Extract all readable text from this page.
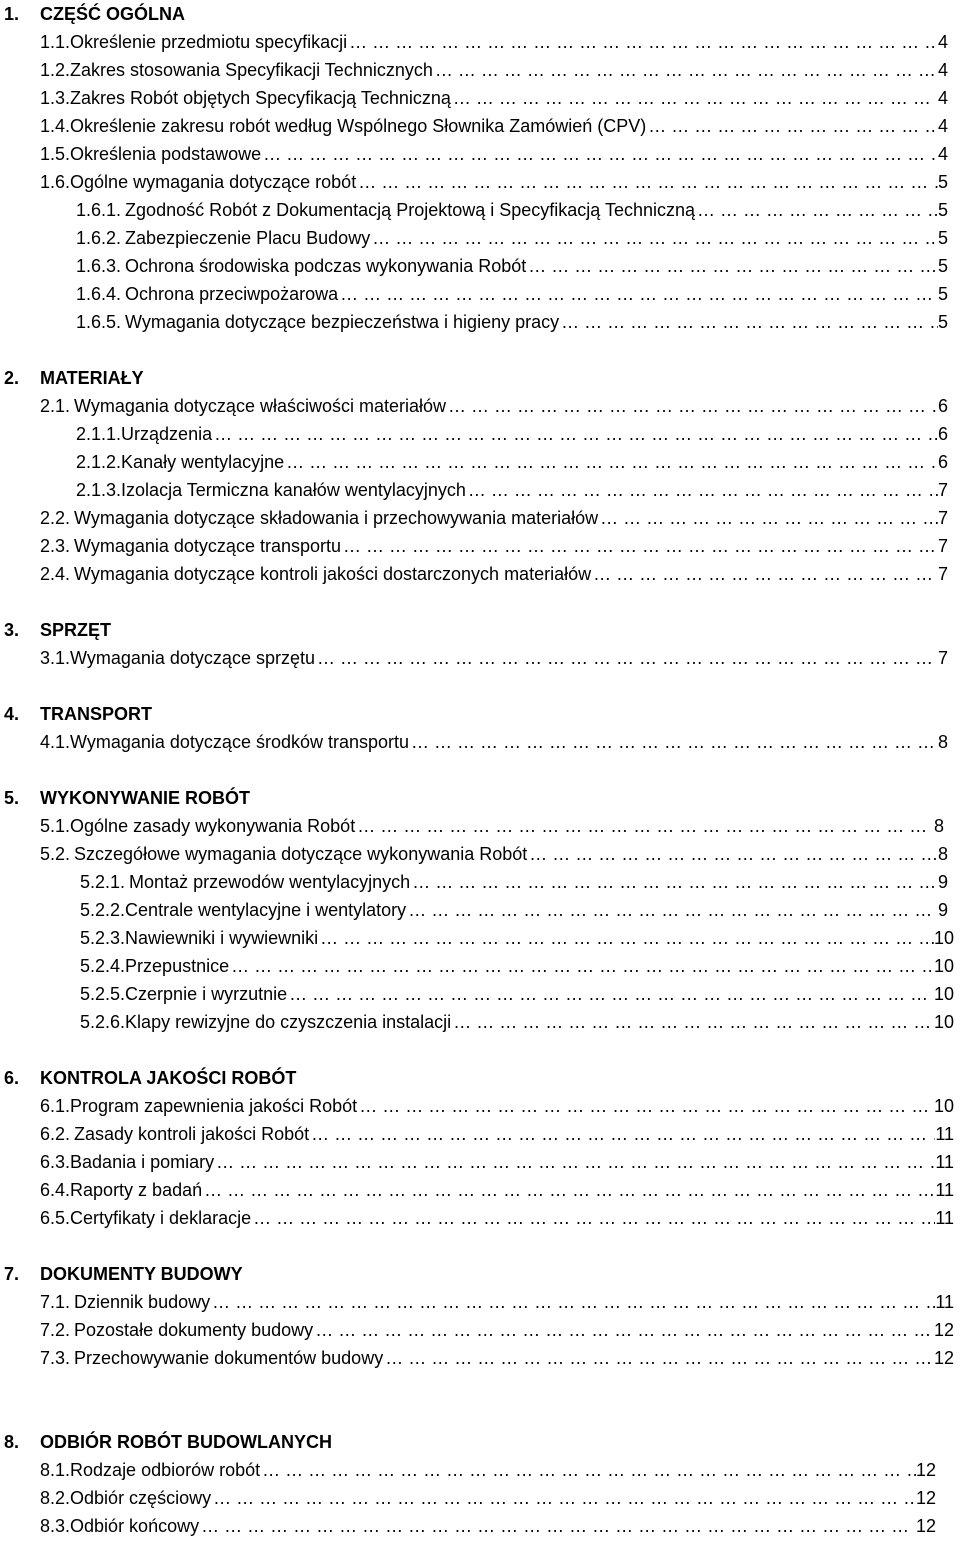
1. CZĘŚĆ OGÓLNA
1.1. Określenie przedmiotu specyfikacji … … … … … … … … … … … … … … … … … … … … … … … … … … … … … … … … … … … … … … … … … … … … … … … … … … … … … … … … … … … … … …	4
1.2. Zakres stosowania Specyfikacji Technicznych … … … … … … … … … … … … … … … … … … … … … … … … … … … … … … … … … … … … … … … … … … … … … … … … … … … … … … … … … … … … … …	4
1.3. Zakres Robót objętych Specyfikacją Techniczną … … … … … … … … … … … … … … … … … … … … … … … … … … … … … … … … … … … … … … … … … … … … … … … … … … … … … … … … … … … … … …	4
1.4. Określenie zakresu robót według Wspólnego Słownika Zamówień (CPV) … … … … … … … … … … … … … … … … … … … … … … … … … … … … … … … … … … … … … … … … … … … … … … … … … … … … … … … … … … … … … …	4
1.5. Określenia podstawowe … … … … … … … … … … … … … … … … … … … … … … … … … … … … … … … … … … … … … … … … … … … … … … … … … … … … … … … … … … … … … …	4
1.6. Ogólne wymagania dotyczące robót … … … … … … … … … … … … … … … … … … … … … … … … … … … … … … … … … … … … … … … … … … … … … … … … … … … … … … … … … … … … … …	5
1.6.1. Zgodność Robót z Dokumentacją Projektową i Specyfikacją Techniczną … … … … … … … … … … … … … … … … … … … … … … … … … … … … … … … … … … … … … … … … … … … … … … … … … … … … … … … … … … … … … …	5
1.6.2. Zabezpieczenie Placu Budowy … … … … … … … … … … … … … … … … … … … … … … … … … … … … … … … … … … … … … … … … … … … … … … … … … … … … … … … … … … … … … …	5
1.6.3. Ochrona środowiska podczas wykonywania Robót … … … … … … … … … … … … … … … … … … … … … … … … … … … … … … … … … … … … … … … … … … … … … … … … … … … … … … … … … … … … … …	5
1.6.4. Ochrona przeciwpożarowa … … … … … … … … … … … … … … … … … … … … … … … … … … … … … … … … … … … … … … … … … … … … … … … … … … … … … … … … … … … … … …	5
1.6.5. Wymagania dotyczące bezpieczeństwa i higieny pracy … … … … … … … … … … … … … … … … … … … … … … … … … … … … … … … … … … … … … … … … … … … … … … … … … … … … … … … … … … … … … …	5
2. MATERIAŁY
2.1. Wymagania dotyczące właściwości materiałów … … … … … … … … … … … … … … … … … … … … … … … … … … … … … … … … … … … … … … … … … … … … … … … … … … … … … … … … … … … … … …	6
2.1.1. Urządzenia … … … … … … … … … … … … … … … … … … … … … … … … … … … … … … … … … … … … … … … … … … … … … … … … … … … … … … … … … … … … … …	6
2.1.2. Kanały wentylacyjne … … … … … … … … … … … … … … … … … … … … … … … … … … … … … … … … … … … … … … … … … … … … … … … … … … … … … … … … … … … … … …	6
2.1.3. Izolacja Termiczna kanałów wentylacyjnych … … … … … … … … … … … … … … … … … … … … … … … … … … … … … … … … … … … … … … … … … … … … … … … … … … … … … … … … … … … … … …	7
2.2. Wymagania dotyczące składowania i przechowywania materiałów … … … … … … … … … … … … … … … … … … … … … … … … … … … … … … … … … … … … … … … … … … … … … … … … … … … … … … … … … … … … … …	7
2.3. Wymagania dotyczące transportu … … … … … … … … … … … … … … … … … … … … … … … … … … … … … … … … … … … … … … … … … … … … … … … … … … … … … … … … … … … … … …	7
2.4. Wymagania dotyczące kontroli jakości dostarczonych materiałów … … … … … … … … … … … … … … … … … … … … … … … … … … … … … … … … … … … … … … … … … … … … … … … … … … … … … … … … … … … … … …	7
3. SPRZĘT
3.1. Wymagania dotyczące sprzętu … … … … … … … … … … … … … … … … … … … … … … … … … … … … … … … … … … … … … … … … … … … … … … … … … … … … … … … … … … … … … …	7
4. TRANSPORT
4.1. Wymagania dotyczące środków transportu … … … … … … … … … … … … … … … … … … … … … … … … … … … … … … … … … … … … … … … … … … … … … … … … … … … … … … … … … … … … … …	8
5. WYKONYWANIE ROBÓT
5.1. Ogólne zasady wykonywania Robót … … … … … … … … … … … … … … … … … … … … … … … … … … … … … … … … … … … … … … … … … … … … … … … … … … … … … … … … … … … … … …	8
5.2. Szczegółowe wymagania dotyczące wykonywania Robót … … … … … … … … … … … … … … … … … … … … … … … … … … … … … … … … … … … … … … … … … … … … … … … … … … … … … … … … … … … … … …	8
5.2.1. Montaż przewodów wentylacyjnych … … … … … … … … … … … … … … … … … … … … … … … … … … … … … … … … … … … … … … … … … … … … … … … … … … … … … … … … … … … … … …	9
5.2.2. Centrale wentylacyjne i wentylatory … … … … … … … … … … … … … … … … … … … … … … … … … … … … … … … … … … … … … … … … … … … … … … … … … … … … … … … … … … … … … …	9
5.2.3. Nawiewniki i wywiewniki … … … … … … … … … … … … … … … … … … … … … … … … … … … … … … … … … … … … … … … … … … … … … … … … … … … … … … … … … … … … … …	10
5.2.4. Przepustnice … … … … … … … … … … … … … … … … … … … … … … … … … … … … … … … … … … … … … … … … … … … … … … … … … … … … … … … … … … … … … …	10
5.2.5. Czerpnie i wyrzutnie … … … … … … … … … … … … … … … … … … … … … … … … … … … … … … … … … … … … … … … … … … … … … … … … … … … … … … … … … … … … … …	10
5.2.6. Klapy rewizyjne do czyszczenia instalacji … … … … … … … … … … … … … … … … … … … … … … … … … … … … … … … … … … … … … … … … … … … … … … … … … … … … … … … … … … … … … …	10
6. KONTROLA JAKOŚCI ROBÓT
6.1. Program zapewnienia jakości Robót … … … … … … … … … … … … … … … … … … … … … … … … … … … … … … … … … … … … … … … … … … … … … … … … … … … … … … … … … … … … … …	10
6.2. Zasady kontroli jakości Robót … … … … … … … … … … … … … … … … … … … … … … … … … … … … … … … … … … … … … … … … … … … … … … … … … … … … … … … … … … … … … …	11
6.3. Badania i pomiary … … … … … … … … … … … … … … … … … … … … … … … … … … … … … … … … … … … … … … … … … … … … … … … … … … … … … … … … … … … … … …	11
6.4. Raporty z badań … … … … … … … … … … … … … … … … … … … … … … … … … … … … … … … … … … … … … … … … … … … … … … … … … … … … … … … … … … … … … …	11
6.5. Certyfikaty i deklaracje … … … … … … … … … … … … … … … … … … … … … … … … … … … … … … … … … … … … … … … … … … … … … … … … … … … … … … … … … … … … … …	11
7. DOKUMENTY BUDOWY
7.1. Dziennik budowy … … … … … … … … … … … … … … … … … … … … … … … … … … … … … … … … … … … … … … … … … … … … … … … … … … … … … … … … … … … … … …	11
7.2. Pozostałe dokumenty budowy … … … … … … … … … … … … … … … … … … … … … … … … … … … … … … … … … … … … … … … … … … … … … … … … … … … … … … … … … … … … … …	12
7.3. Przechowywanie dokumentów budowy … … … … … … … … … … … … … … … … … … … … … … … … … … … … … … … … … … … … … … … … … … … … … … … … … … … … … … … … … … … … … …	12
8. ODBIÓR ROBÓT BUDOWLANYCH
8.1. Rodzaje odbiorów robót … … … … … … … … … … … … … … … … … … … … … … … … … … … … … … … … … … … … … … … … … … … … … … … … … … … … … … … … … … … … … …	12
8.2. Odbiór częściowy … … … … … … … … … … … … … … … … … … … … … … … … … … … … … … … … … … … … … … … … … … … … … … … … … … … … … … … … … … … … … …	12
8.3. Odbiór końcowy … … … … … … … … … … … … … … … … … … … … … … … … … … … … … … … … … … … … … … … … … … … … … … … … … … … … … … … … … … … … … …	12
